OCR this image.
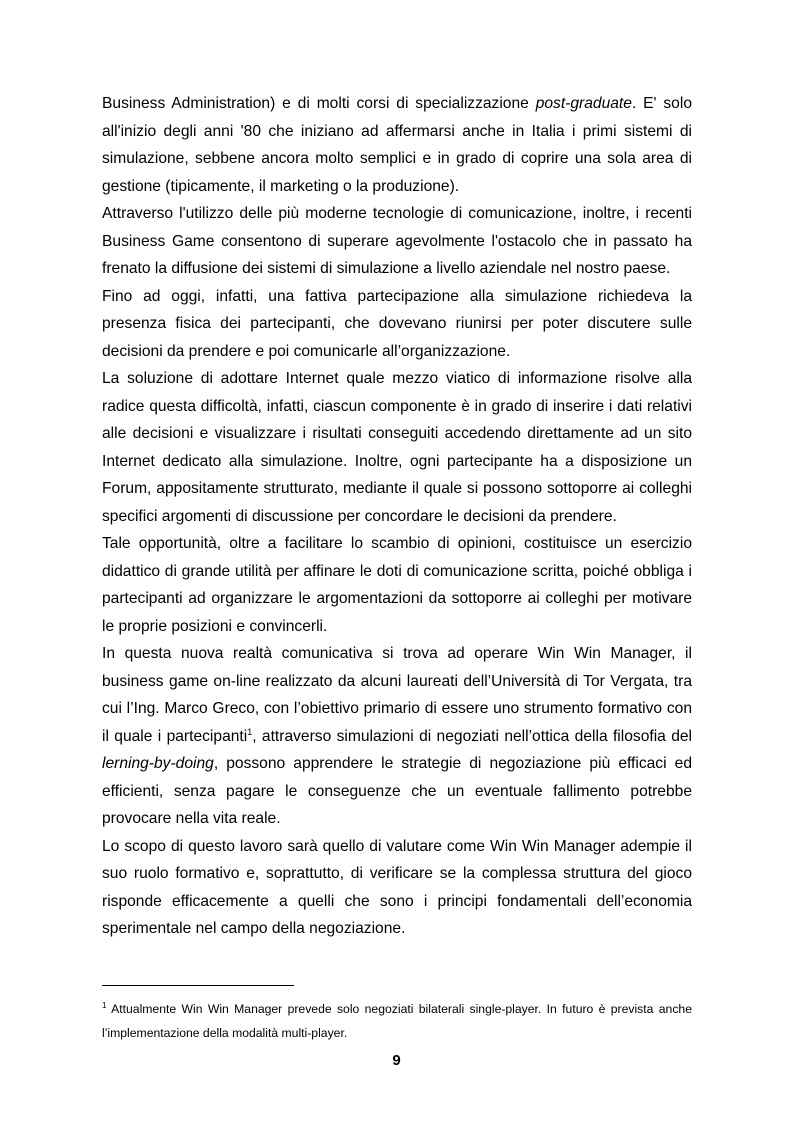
Business Administration) e di molti corsi di specializzazione post-graduate. E' solo all'inizio degli anni '80 che iniziano ad affermarsi anche in Italia i primi sistemi di simulazione, sebbene ancora molto semplici e in grado di coprire una sola area di gestione (tipicamente, il marketing o la produzione).

Attraverso l'utilizzo delle più moderne tecnologie di comunicazione, inoltre, i recenti Business Game consentono di superare agevolmente l'ostacolo che in passato ha frenato la diffusione dei sistemi di simulazione a livello aziendale nel nostro paese.

Fino ad oggi, infatti, una fattiva partecipazione alla simulazione richiedeva la presenza fisica dei partecipanti, che dovevano riunirsi per poter discutere sulle decisioni da prendere e poi comunicarle all’organizzazione.

La soluzione di adottare Internet quale mezzo viatico di informazione risolve alla radice questa difficoltà, infatti, ciascun componente è in grado di inserire i dati relativi alle decisioni e visualizzare i risultati conseguiti accedendo direttamente ad un sito Internet dedicato alla simulazione. Inoltre, ogni partecipante ha a disposizione un Forum, appositamente strutturato, mediante il quale si possono sottoporre ai colleghi specifici argomenti di discussione per concordare le decisioni da prendere.

Tale opportunità, oltre a facilitare lo scambio di opinioni, costituisce un esercizio didattico di grande utilità per affinare le doti di comunicazione scritta, poiché obbliga i partecipanti ad organizzare le argomentazioni da sottoporre ai colleghi per motivare le proprie posizioni e convincerli.

In questa nuova realtà comunicativa si trova ad operare Win Win Manager, il business game on-line realizzato da alcuni laureati dell’Università di Tor Vergata, tra cui l’Ing. Marco Greco, con l’obiettivo primario di essere uno strumento formativo con il quale i partecipanti$^1$, attraverso simulazioni di negoziati nell’ottica della filosofia del lerning-by-doing, possono apprendere le strategie di negoziazione più efficaci ed efficienti, senza pagare le conseguenze che un eventuale fallimento potrebbe provocare nella vita reale.

Lo scopo di questo lavoro sarà quello di valutare come Win Win Manager adempie il suo ruolo formativo e, soprattutto, di verificare se la complessa struttura del gioco risponde efficacemente a quelli che sono i principi fondamentali dell’economia sperimentale nel campo della negoziazione.

$^1$ Attualmente Win Win Manager prevede solo negoziati bilaterali single-player. In futuro è prevista anche l’implementazione della modalità multi-player.

9
